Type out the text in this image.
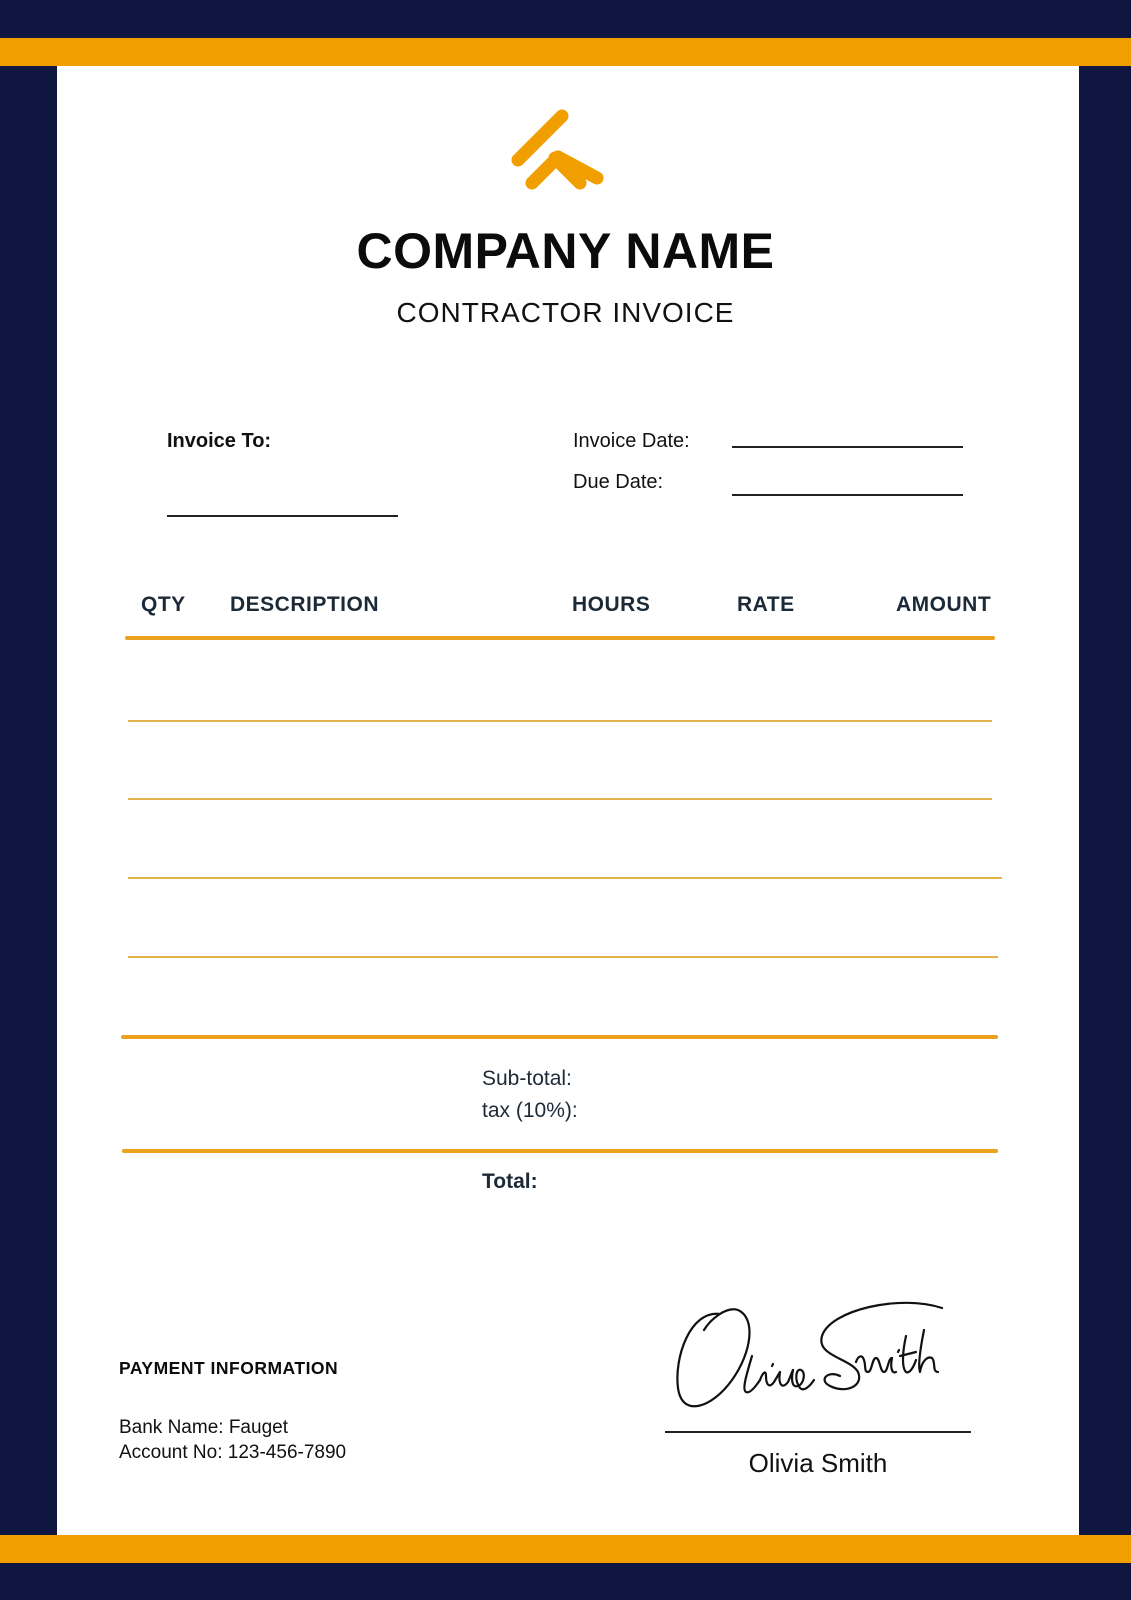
COMPANY NAME
CONTRACTOR INVOICE
Invoice To:	Invoice Date:
Due Date:
QTY DESCRIPTION	HOURS	RATE	AMOUNT
Sub-total:
tax (10%):
Total:
PAYMENT INFORMATION
Bank Name: Fauget
Account No: 123-456-7890	Olivia Smith
